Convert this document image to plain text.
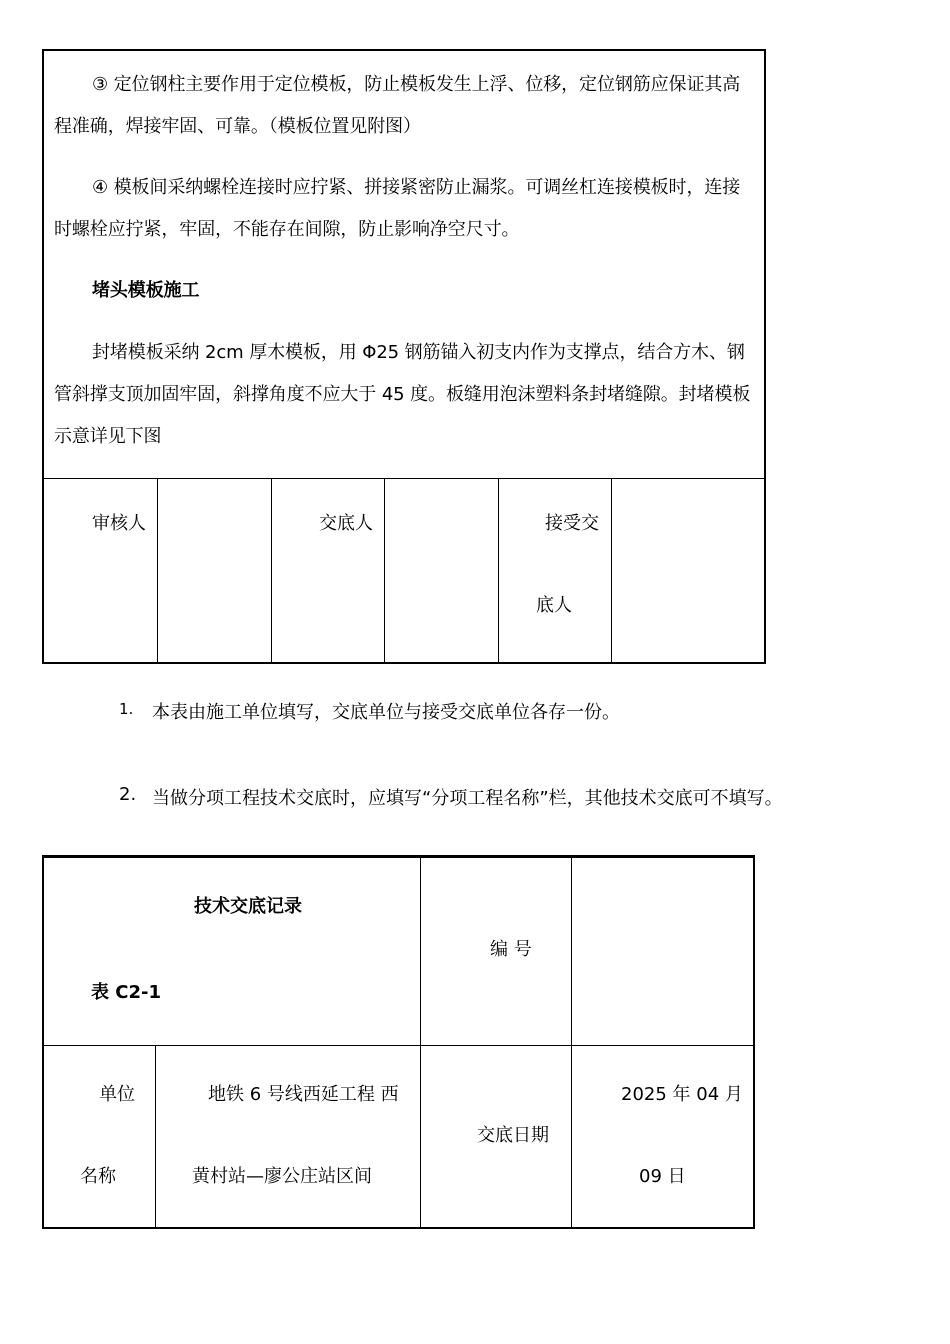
③ 定位钢柱主要作用于定位模板，防止模板发生上浮、位移，定位钢筋应保证其高程准确，焊接牢固、可靠。（模板位置见附图）
④ 模板间采纳螺栓连接时应拧紧、拼接紧密防止漏浆。可调丝杠连接模板时，连接时螺栓应拧紧，牢固，不能存在间隙，防止影响净空尺寸。
堵头模板施工
封堵模板采纳 2cm 厚木模板，用 Φ25 钢筋锚入初支内作为支撑点，结合方木、钢管斜撑支顶加固牢固，斜撑角度不应大于 45 度。板缝用泡沫塑料条封堵缝隙。封堵模板示意详见下图
审核人	交底人	接受交
底人
1. 本表由施工单位填写，交底单位与接受交底单位各存一份。
2. 当做分项工程技术交底时，应填写“分项工程名称”栏，其他技术交底可不填写。
技术交底记录
表 C2-1
编 号
单位
名称
地铁 6 号线西延工程 西
黄村站—廖公庄站区间
交底日期
2025 年 04 月
09 日
